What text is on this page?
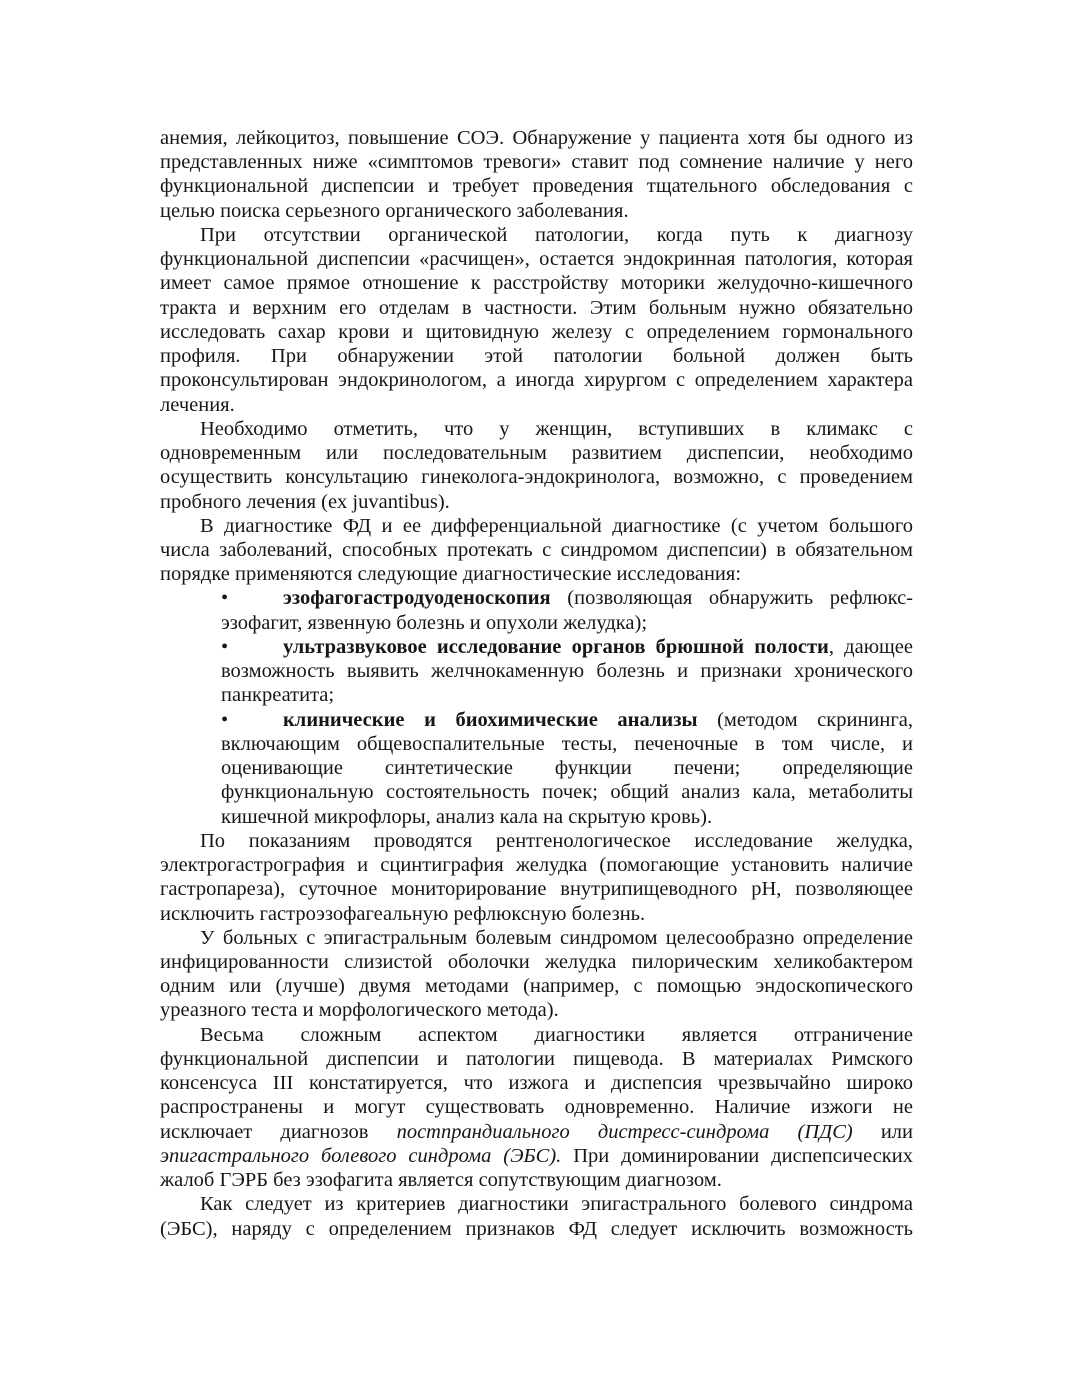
анемия, лейкоцитоз, повышение СОЭ. Обнаружение у пациента хотя бы одного из
представленных ниже «симптомов тревоги» ставит под сомнение наличие у него
функциональной диспепсии и требует проведения тщательного обследования с
целью поиска серьезного органического заболевания.
При отсутствии органической патологии, когда путь к диагнозу
функциональной диспепсии «расчищен», остается эндокринная патология, которая
имеет самое прямое отношение к расстройству моторики желудочно-кишечного
тракта и верхним его отделам в частности. Этим больным нужно обязательно
исследовать сахар крови и щитовидную железу с определением гормонального
профиля. При обнаружении этой патологии больной должен быть
проконсультирован эндокринологом, а иногда хирургом с определением характера
лечения.
Необходимо отметить, что у женщин, вступивших в климакс с
одновременным или последовательным развитием диспепсии, необходимо
осуществить консультацию гинеколога-эндокринолога, возможно, с проведением
пробного лечения (ex juvantibus).
В диагностике ФД и ее дифференциальной диагностике (с учетом большого
числа заболеваний, способных протекать с синдромом диспепсии) в обязательном
порядке применяются следующие диагностические исследования:
•	эзофагогастродуоденоскопия (позволяющая обнаружить рефлюкс-
эзофагит, язвенную болезнь и опухоли желудка);
•	ультразвуковое исследование органов брюшной полости, дающее
возможность выявить желчнокаменную болезнь и признаки хронического
панкреатита;
•	клинические и биохимические анализы (методом скрининга,
включающим общевоспалительные тесты, печеночные в том числе, и
оценивающие синтетические функции печени; определяющие
функциональную состоятельность почек; общий анализ кала, метаболиты
кишечной микрофлоры, анализ кала на скрытую кровь).
По показаниям проводятся рентгенологическое исследование желудка,
электрогастрография и сцинтиграфия желудка (помогающие установить наличие
гастропареза), суточное мониторирование внутрипищеводного рН, позволяющее
исключить гастроэзофагеальную рефлюксную болезнь.
У больных с эпигастральным болевым синдромом целесообразно определение
инфицированности слизистой оболочки желудка пилорическим хеликобактером
одним или (лучше) двумя методами (например, с помощью эндоскопического
уреазного теста и морфологического метода).
Весьма сложным аспектом диагностики является отграничение
функциональной диспепсии и патологии пищевода. В материалах Римского
консенсуса III констатируется, что изжога и диспепсия чрезвычайно широко
распространены и могут существовать одновременно. Наличие изжоги не
исключает диагнозов постпрандиального дистресс-синдрома (ПДС) или
эпигастрального болевого синдрома (ЭБС). При доминировании диспепсических
жалоб ГЭРБ без эзофагита является сопутствующим диагнозом.
Как следует из критериев диагностики эпигастрального болевого синдрома
(ЭБС), наряду с определением признаков ФД следует исключить возможность
